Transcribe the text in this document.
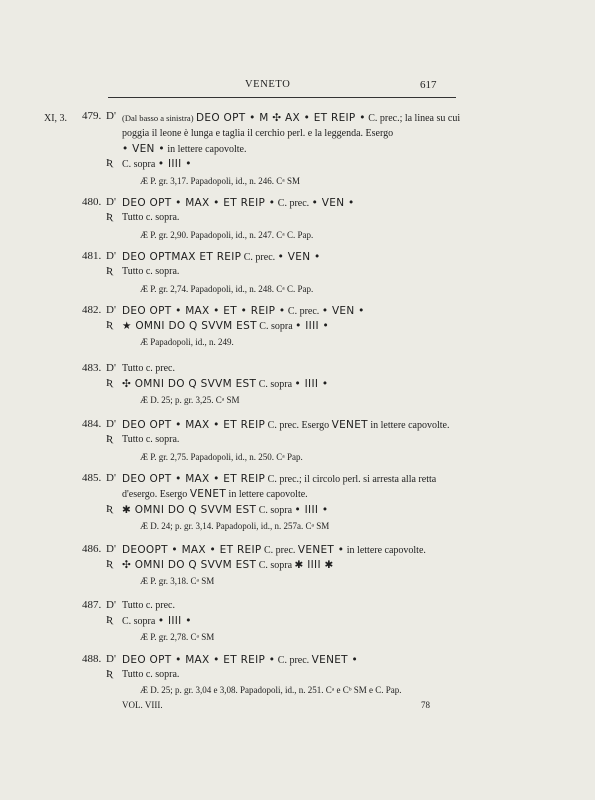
VENETO	617
XI, 3. 479. D' (Dal basso a sinistra) DEO OPT • M ✣ AX • ET REIP • C. prec.; la linea su cui
poggia il leone è lunga e taglia il cerchio perl. e la leggenda. Esergo
• VEN • in lettere capovolte.
Ʀ C. sopra • IIII •
Æ P. gr. 3,17. Papadopoli, id., n. 246. Cᵃ SM
480. D' DEO OPT • MAX • ET REIP • C. prec. • VEN •
Ʀ Tutto c. sopra.
Æ P. gr. 2,90. Papadopoli, id., n. 247. Cᵃ C. Pap.
481. D' DEO OPTMAX ET REIP C. prec. • VEN •
Ʀ Tutto c. sopra.
Æ P. gr. 2,74. Papadopoli, id., n. 248. Cᵃ C. Pap.
482. D' DEO OPT • MAX • ET • REIP • C. prec. • VEN •
Ʀ ★ OMNI DO Q SVVM EST C. sopra • IIII •
Æ Papadopoli, id., n. 249.
483. D' Tutto c. prec.
Ʀ ✣ OMNI DO Q SVVM EST C. sopra • IIII •
Æ D. 25; p. gr. 3,25. Cᵃ SM
484. D' DEO OPT • MAX • ET REIP C. prec. Esergo VENET in lettere capovolte.
Ʀ Tutto c. sopra.
Æ P. gr. 2,75. Papadopoli, id., n. 250. Cᵃ Pap.
485. D' DEO OPT • MAX • ET REIP C. prec.; il circolo perl. si arresta alla retta
d'esergo. Esergo VENET in lettere capovolte.
Ʀ ✱ OMNI DO Q SVVM EST C. sopra • IIII •
Æ D. 24; p. gr. 3,14. Papadopoli, id., n. 257a. Cᵃ SM
486. D' DEOOPT • MAX • ET REIP C. prec. VENET • in lettere capovolte.
Ʀ ✣ OMNI DO Q SVVM EST C. sopra ✱ IIII ✱
Æ P. gr. 3,18. Cᵃ SM
487. D' Tutto c. prec.
Ʀ C. sopra • IIII •
Æ P. gr. 2,78. Cᵃ SM
488. D' DEO OPT • MAX • ET REIP • C. prec. VENET •
Ʀ Tutto c. sopra.
Æ D. 25; p. gr. 3,04 e 3,08. Papadopoli, id., n. 251. Cᵃ e Cᵇ SM e C. Pap.
VOL. VIII.	78
